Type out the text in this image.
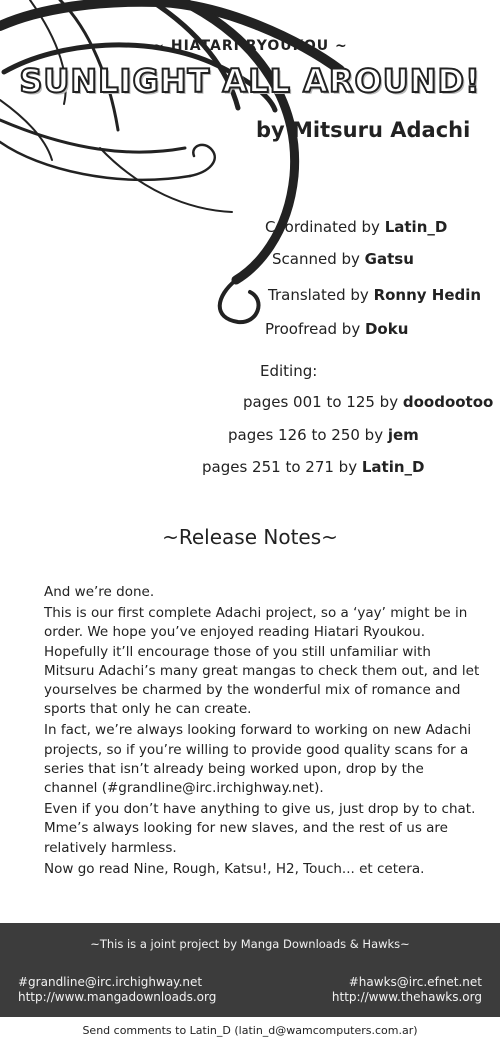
~ HIATARI RYOUKOU ~
SUNLIGHT ALL AROUND!
by Mitsuru Adachi
Coordinated by Latin_D
Scanned by Gatsu
Translated by Ronny Hedin
Proofread by Doku
Editing:
pages 001 to 125 by doodootoo
pages 126 to 250 by jem
pages 251 to 271 by Latin_D
~Release Notes~

And we’re done.

This is our first complete Adachi project, so a ‘yay’ might be in order. We hope you’ve enjoyed reading Hiatari Ryoukou. Hopefully it’ll encourage those of you still unfamiliar with Mitsuru Adachi’s many great mangas to check them out, and let yourselves be charmed by the wonderful mix of romance and sports that only he can create.

In fact, we’re always looking forward to working on new Adachi projects, so if you’re willing to provide good quality scans for a series that isn’t already being worked upon, drop by the channel (#grandline@irc.irchighway.net).

Even if you don’t have anything to give us, just drop by to chat. Mme’s always looking for new slaves, and the rest of us are relatively harmless.

Now go read Nine, Rough, Katsu!, H2, Touch... et cetera.

~This is a joint project by Manga Downloads & Hawks~
#grandline@irc.irchighway.net
http://www.mangadownloads.org
#hawks@irc.efnet.net
http://www.thehawks.org
Send comments to Latin_D (latin_d@wamcomputers.com.ar)
